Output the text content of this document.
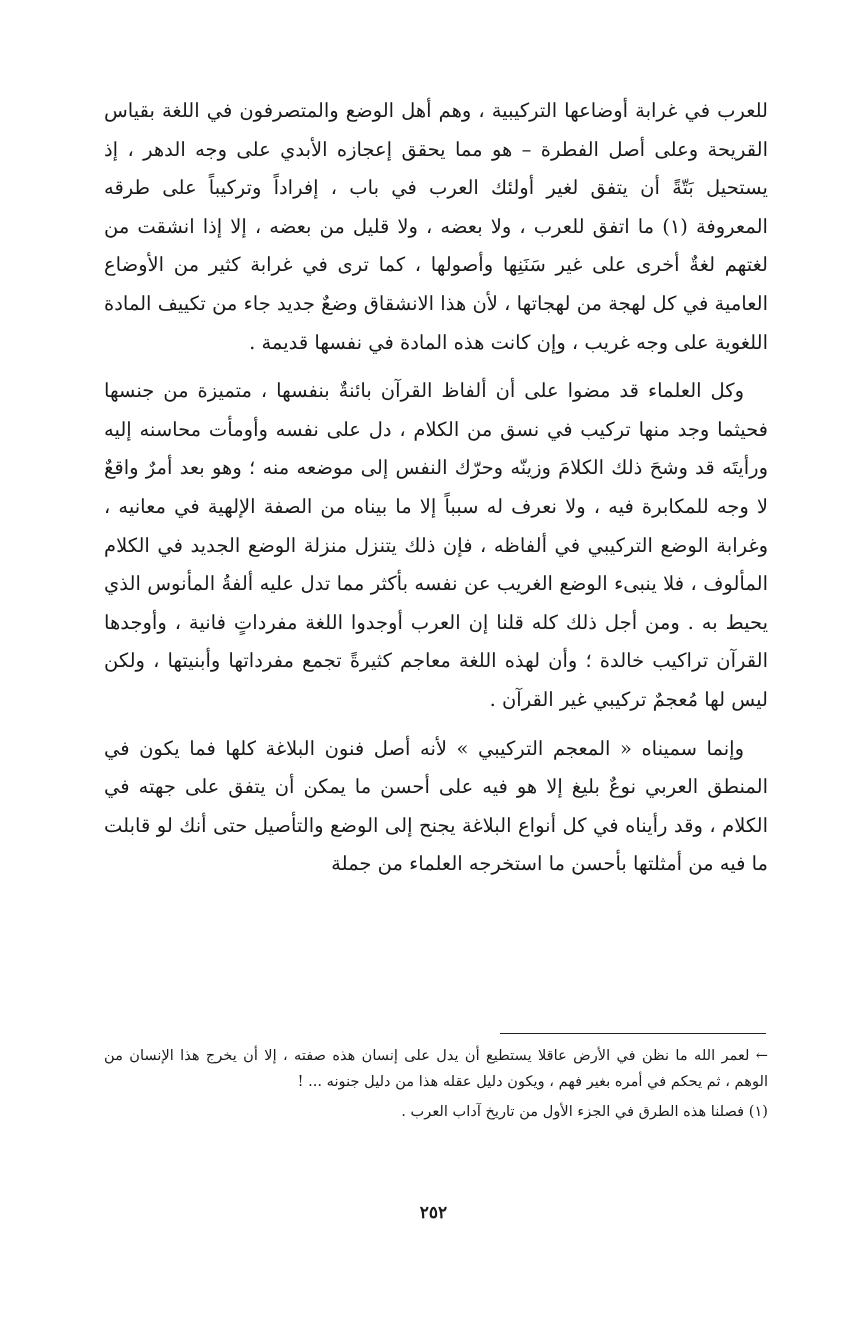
للعرب في غرابة أوضاعها التركيبية ، وهم أهل الوضع والمتصرفون في اللغة بقياس القريحة وعلى أصل الفطرة – هو مما يحقق إعجازه الأبدي على وجه الدهر ، إذ يستحيل بَتّةً أن يتفق لغير أولئك العرب في باب ، إفراداً وتركيباً على طرقه المعروفة (١) ما اتفق للعرب ، ولا بعضه ، ولا قليل من بعضه ، إلا إذا انشقت من لغتهم لغةٌ أخرى على غير سَنَنِها وأصولها ، كما ترى في غرابة كثير من الأوضاع العامية في كل لهجة من لهجاتها ، لأن هذا الانشقاق وضعٌ جديد جاء من تكييف المادة اللغوية على وجه غريب ، وإن كانت هذه المادة في نفسها قديمة .

وكل العلماء قد مضوا على أن ألفاظ القرآن بائنةٌ بنفسها ، متميزة من جنسها فحيثما وجد منها تركيب في نسق من الكلام ، دل على نفسه وأومأت محاسنه إليه ورأيتَه قد وشحَ ذلك الكلامَ وزينّه وحرّك النفس إلى موضعه منه ؛ وهو بعد أمرٌ واقعٌ لا وجه للمكابرة فيه ، ولا نعرف له سبباً إلا ما بيناه من الصفة الإلهية في معانيه ، وغرابة الوضع التركيبي في ألفاظه ، فإن ذلك يتنزل منزلة الوضع الجديد في الكلام المألوف ، فلا ينبىء الوضع الغريب عن نفسه بأكثر مما تدل عليه ألفةُ المأنوس الذي يحيط به . ومن أجل ذلك كله قلنا إن العرب أوجدوا اللغة مفرداتٍ فانية ، وأوجدها القرآن تراكيب خالدة ؛ وأن لهذه اللغة معاجم كثيرةً تجمع مفرداتها وأبنيتها ، ولكن ليس لها مُعجمٌ تركيبي غير القرآن .

وإنما سميناه « المعجم التركيبي » لأنه أصل فنون البلاغة كلها فما يكون في المنطق العربي نوعٌ بليغ إلا هو فيه على أحسن ما يمكن أن يتفق على جهته في الكلام ، وقد رأيناه في كل أنواع البلاغة يجنح إلى الوضع والتأصيل حتى أنك لو قابلت ما فيه من أمثلتها بأحسن ما استخرجه العلماء من جملة

← لعمر الله ما نظن في الأرض عاقلا يستطيع أن يدل على إنسان هذه صفته ، إلا أن يخرج هذا الإنسان من الوهم ، ثم يحكم في أمره بغير فهم ، ويكون دليل عقله هذا من دليل جنونه ... !

(١) فصلنا هذه الطرق في الجزء الأول من تاريخ آداب العرب .

٢٥٢
